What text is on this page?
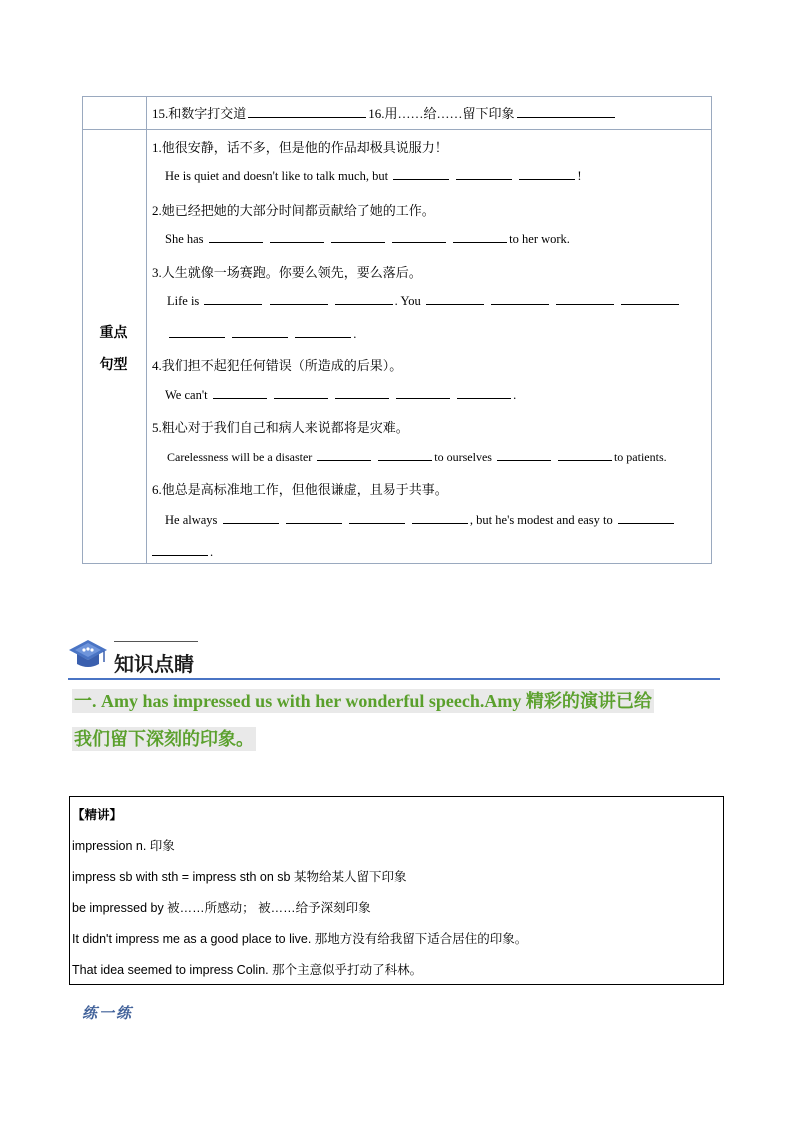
15.和数字打交道	16.用……给……留下印象
重点
句型
1.他很安静，话不多，但是他的作品却极具说服力！
He is quiet and doesn't like to talk much, but	!
2.她已经把她的大部分时间都贡献给了她的工作。
She has	to her work.
3.人生就像一场赛跑。你要么领先，要么落后。
Life is	. You
.
4.我们担不起犯任何错误（所造成的后果）。
We can't	.
5.粗心对于我们自己和病人来说都将是灾难。
Carelessness will be a disaster	to ourselves	to patients.
6.他总是高标准地工作，但他很谦虚，且易于共事。
He always	, but he's modest and easy to
.
知识点睛
一. Amy has impressed us with her wonderful speech.Amy 精彩的演讲已给
我们留下深刻的印象。
【精讲】
impression n. 印象
impress sb with sth = impress sth on sb 某物给某人留下印象
be impressed by 被……所感动； 被……给予深刻印象
It didn't impress me as a good place to live. 那地方没有给我留下适合居住的印象。
That idea seemed to impress Colin. 那个主意似乎打动了科林。
练一练
